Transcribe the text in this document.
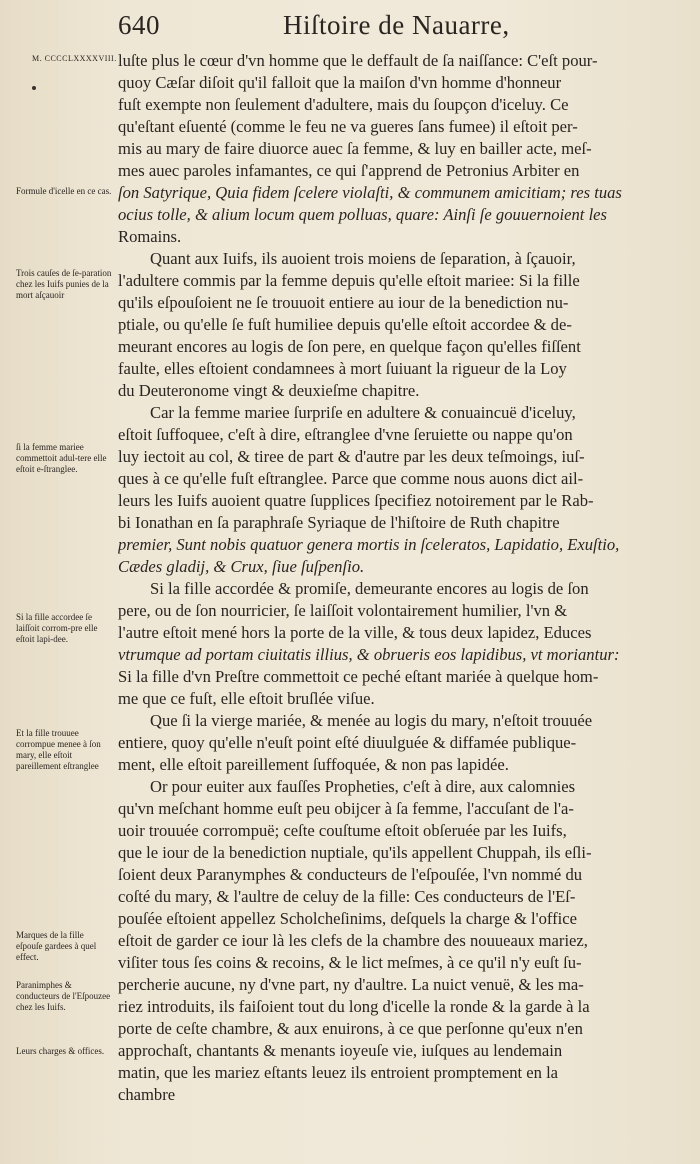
640	Hiſtoire de Nauarre,
M. CCCCLXXXXVIII.
Formule d'icelle en ce cas.
Trois cauſes de ſe-paration chez les Iuifs punies de la mort aſçauoir
ſi la femme mariee commettoit adul-tere elle eſtoit e-ſtranglee.
Si la fille accordee ſe laiſſoit corrom-pre elle eſtoit lapi-dee.
Et la fille trouuee corrompue menee à ſon mary, elle eſtoit pareillement eſtranglee
Marques de la fille eſpouſe gardees à quel effect.
Paranimphes & conducteurs de l'Eſpouzee chez les Iuifs.
Leurs charges & offices.
luſte plus le cœur d'vn homme que le deffault de ſa naiſſance: C'eſt pour-
quoy Cæſar diſoit qu'il falloit que la maiſon d'vn homme d'honneur
fuſt exempte non ſeulement d'adultere, mais du ſoupçon d'iceluy. Ce
qu'eſtant eſuenté (comme le feu ne va gueres ſans fumee) il eſtoit per-
mis au mary de faire diuorce auec ſa femme, & luy en bailler acte, meſ-
mes auec paroles infamantes, ce qui ſ'apprend de Petronius Arbiter en
ſon Satyrique, Quia fidem ſcelere violaſti, & communem amicitiam; res tuas
ocius tolle, & alium locum quem polluas, quare: Ainſi ſe gouuernoient les
Romains.
Quant aux Iuifs, ils auoient trois moiens de ſeparation, à ſçauoir,
l'adultere commis par la femme depuis qu'elle eſtoit mariee: Si la fille
qu'ils eſpouſoient ne ſe trouuoit entiere au iour de la benediction nu-
ptiale, ou qu'elle ſe fuſt humiliee depuis qu'elle eſtoit accordee & de-
meurant encores au logis de ſon pere, en quelque façon qu'elles fiſſent
faulte, elles eſtoient condamnees à mort ſuiuant la rigueur de la Loy
du Deuteronome vingt & deuxieſme chapitre.
Car la femme mariee ſurpriſe en adultere & conuaincuë d'iceluy,
eſtoit ſuffoquee, c'eſt à dire, eſtranglee d'vne ſeruiette ou nappe qu'on
luy iectoit au col, & tiree de part & d'autre par les deux teſmoings, iuſ-
ques à ce qu'elle fuſt eſtranglee. Parce que comme nous auons dict ail-
leurs les Iuifs auoient quatre ſupplices ſpecifiez notoirement par le Rab-
bi Ionathan en ſa paraphraſe Syriaque de l'hiſtoire de Ruth chapitre
premier, Sunt nobis quatuor genera mortis in ſceleratos, Lapidatio, Exuſtio,
Cædes gladij, & Crux, ſiue ſuſpenſio.
Si la fille accordée & promiſe, demeurante encores au logis de ſon
pere, ou de ſon nourricier, ſe laiſſoit volontairement humilier, l'vn &
l'autre eſtoit mené hors la porte de la ville, & tous deux lapidez, Educes
vtrumque ad portam ciuitatis illius, & obrueris eos lapidibus, vt moriantur:
Si la fille d'vn Preſtre commettoit ce peché eſtant mariée à quelque hom-
me que ce fuſt, elle eſtoit bruſlée viſue.
Que ſi la vierge mariée, & menée au logis du mary, n'eſtoit trouuée
entiere, quoy qu'elle n'euſt point eſté diuulguée & diffamée publique-
ment, elle eſtoit pareillement ſuffoquée, & non pas lapidée.
Or pour euiter aux fauſſes Propheties, c'eſt à dire, aux calomnies
qu'vn meſchant homme euſt peu obijcer à ſa femme, l'accuſant de l'a-
uoir trouuée corrompuë; ceſte couſtume eſtoit obſeruée par les Iuifs,
que le iour de la benediction nuptiale, qu'ils appellent Chuppah, ils eſli-
ſoient deux Paranymphes & conducteurs de l'eſpouſée, l'vn nommé du
coſté du mary, & l'aultre de celuy de la fille: Ces conducteurs de l'Eſ-
pouſée eſtoient appellez Scholcheſinims, deſquels la charge & l'office
eſtoit de garder ce iour là les clefs de la chambre des nouueaux mariez,
viſiter tous ſes coins & recoins, & le lict meſmes, à ce qu'il n'y euſt ſu-
percherie aucune, ny d'vne part, ny d'aultre. La nuict venuë, & les ma-
riez introduits, ils faiſoient tout du long d'icelle la ronde & la garde à la
porte de ceſte chambre, & aux enuirons, à ce que perſonne qu'eux n'en
approchaſt, chantants & menants ioyeuſe vie, iuſques au lendemain
matin, que les mariez eſtants leuez ils entroient promptement en la
chambre
